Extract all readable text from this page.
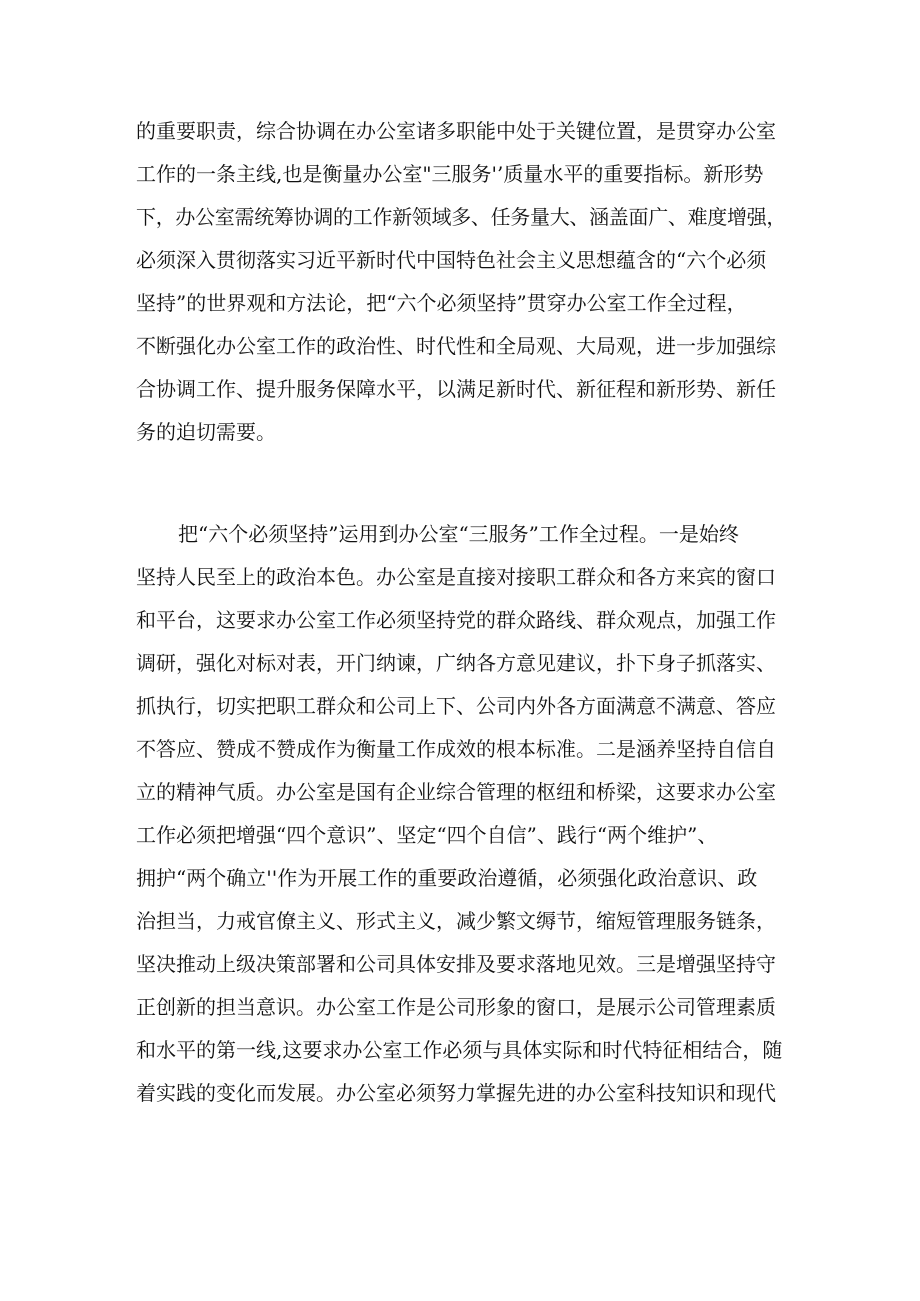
的重要职责，综合协调在办公室诸多职能中处于关键位置，是贯穿办公室
工作的一条主线,也是衡量办公室"三服务'’质量水平的重要指标。新形势
下，办公室需统筹协调的工作新领域多、任务量大、涵盖面广、难度增强，
必须深入贯彻落实习近平新时代中国特色社会主义思想蕴含的“六个必须
坚持”的世界观和方法论，把“六个必须坚持”贯穿办公室工作全过程，
不断强化办公室工作的政治性、时代性和全局观、大局观，进一步加强综
合协调工作、提升服务保障水平，以满足新时代、新征程和新形势、新任
务的迫切需要。
把“六个必须坚持”运用到办公室“三服务”工作全过程。一是始终
坚持人民至上的政治本色。办公室是直接对接职工群众和各方来宾的窗口
和平台，这要求办公室工作必须坚持党的群众路线、群众观点，加强工作
调研，强化对标对表，开门纳谏，广纳各方意见建议，扑下身子抓落实、
抓执行，切实把职工群众和公司上下、公司内外各方面满意不满意、答应
不答应、赞成不赞成作为衡量工作成效的根本标准。二是涵养坚持自信自
立的精神气质。办公室是国有企业综合管理的枢纽和桥梁，这要求办公室
工作必须把增强“四个意识”、坚定“四个自信”、践行“两个维护”、
拥护“两个确立''作为开展工作的重要政治遵循，必须强化政治意识、政
治担当，力戒官僚主义、形式主义，减少繁文缛节，缩短管理服务链条，
坚决推动上级决策部署和公司具体安排及要求落地见效。三是增强坚持守
正创新的担当意识。办公室工作是公司形象的窗口，是展示公司管理素质
和水平的第一线,这要求办公室工作必须与具体实际和时代特征相结合，随
着实践的变化而发展。办公室必须努力掌握先进的办公室科技知识和现代
